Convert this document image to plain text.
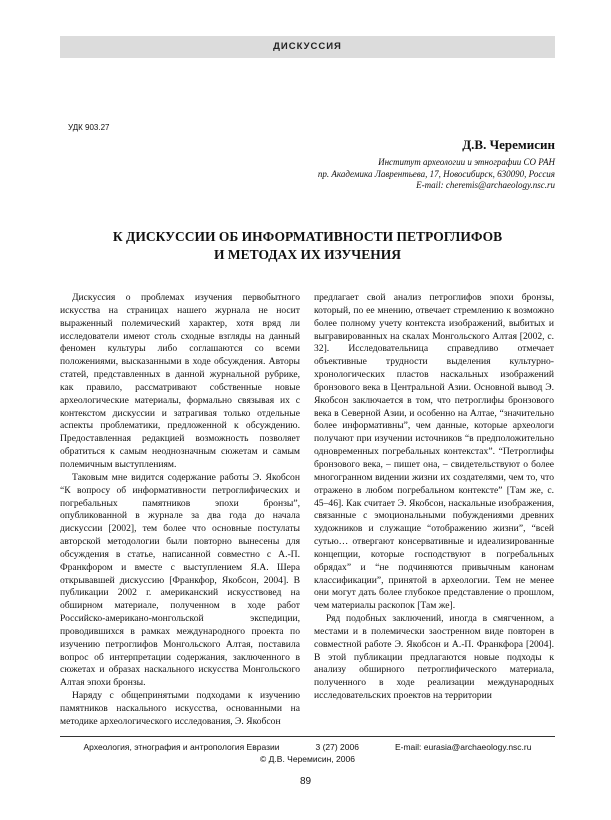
ДИСКУССИЯ
УДК 903.27
Д.В. Черемисин
Институт археологии и этнографии СО РАН
пр. Академика Лаврентьева, 17, Новосибирск, 630090, Россия
E-mail: cheremis@archaeology.nsc.ru
К ДИСКУССИИ ОБ ИНФОРМАТИВНОСТИ ПЕТРОГЛИФОВ
И МЕТОДАХ ИХ ИЗУЧЕНИЯ

Дискуссия о проблемах изучения первобытного искусства на страницах нашего журнала не носит выраженный полемический характер, хотя вряд ли исследователи имеют столь сходные взгляды на данный феномен культуры либо соглашаются со всеми положениями, высказанными в ходе обсуждения. Авторы статей, представленных в данной журнальной рубрике, как правило, рассматривают собственные новые археологические материалы, формально связывая их с контекстом дискуссии и затрагивая только отдельные аспекты проблематики, предложенной к обсуждению. Предоставленная редакцией возможность позволяет обратиться к самым неоднозначным сюжетам и самым полемичным выступлениям.

Таковым мне видится содержание работы Э. Якобсон “К вопросу об информативности петроглифических и погребальных памятников эпохи бронзы”, опубликованной в журнале за два года до начала дискуссии [2002], тем более что основные постулаты авторской методологии были повторно вынесены для обсуждения в статье, написанной совместно с А.-П. Франкфором и вместе с выступлением Я.А. Шера открывавшей дискуссию [Франкфор, Якобсон, 2004]. В публикации 2002 г. американский искусствовед на обширном материале, полученном в ходе работ Российско-американо-монгольской экспедиции, проводившихся в рамках международного проекта по изучению петроглифов Монгольского Алтая, поставила вопрос об интерпретации содержания, заключенного в сюжетах и образах наскального искусства Монгольского Алтая эпохи бронзы.

Наряду с общепринятыми подходами к изучению памятников наскального искусства, основанными на методике археологического исследования, Э. Якобсон

предлагает свой анализ петроглифов эпохи бронзы, который, по ее мнению, отвечает стремлению к возможно более полному учету контекста изображений, выбитых и выгравированных на скалах Монгольского Алтая [2002, с. 32]. Исследовательница справедливо отмечает объективные трудности выделения культурно-хронологических пластов наскальных изображений бронзового века в Центральной Азии. Основной вывод Э. Якобсон заключается в том, что петроглифы бронзового века в Северной Азии, и особенно на Алтае, “значительно более информативны”, чем данные, которые археологи получают при изучении источников “в предположительно одновременных погребальных контекстах”. “Петроглифы бронзового века, – пишет она, – свидетельствуют о более многогранном видении жизни их создателями, чем то, что отражено в любом погребальном контексте” [Там же, с. 45–46]. Как считает Э. Якобсон, наскальные изображения, связанные с эмоциональными побуждениями древних художников и служащие “отображению жизни”, “всей сутью… отвергают консервативные и идеализированные концепции, которые господствуют в погребальных обрядах” и “не подчиняются привычным канонам классификации”, принятой в археологии. Тем не менее они могут дать более глубокое представление о прошлом, чем материалы раскопок [Там же].

Ряд подобных заключений, иногда в смягченном, а местами и в полемически заостренном виде повторен в совместной работе Э. Якобсон и А.-П. Франкфора [2004]. В этой публикации предлагаются новые подходы к анализу обширного петроглифического материала, полученного в ходе реализации международных исследовательских проектов на территории

Археология, этнография и антропология Евразии	3 (27) 2006	E-mail: eurasia@archaeology.nsc.ru
© Д.В. Черемисин, 2006
89
